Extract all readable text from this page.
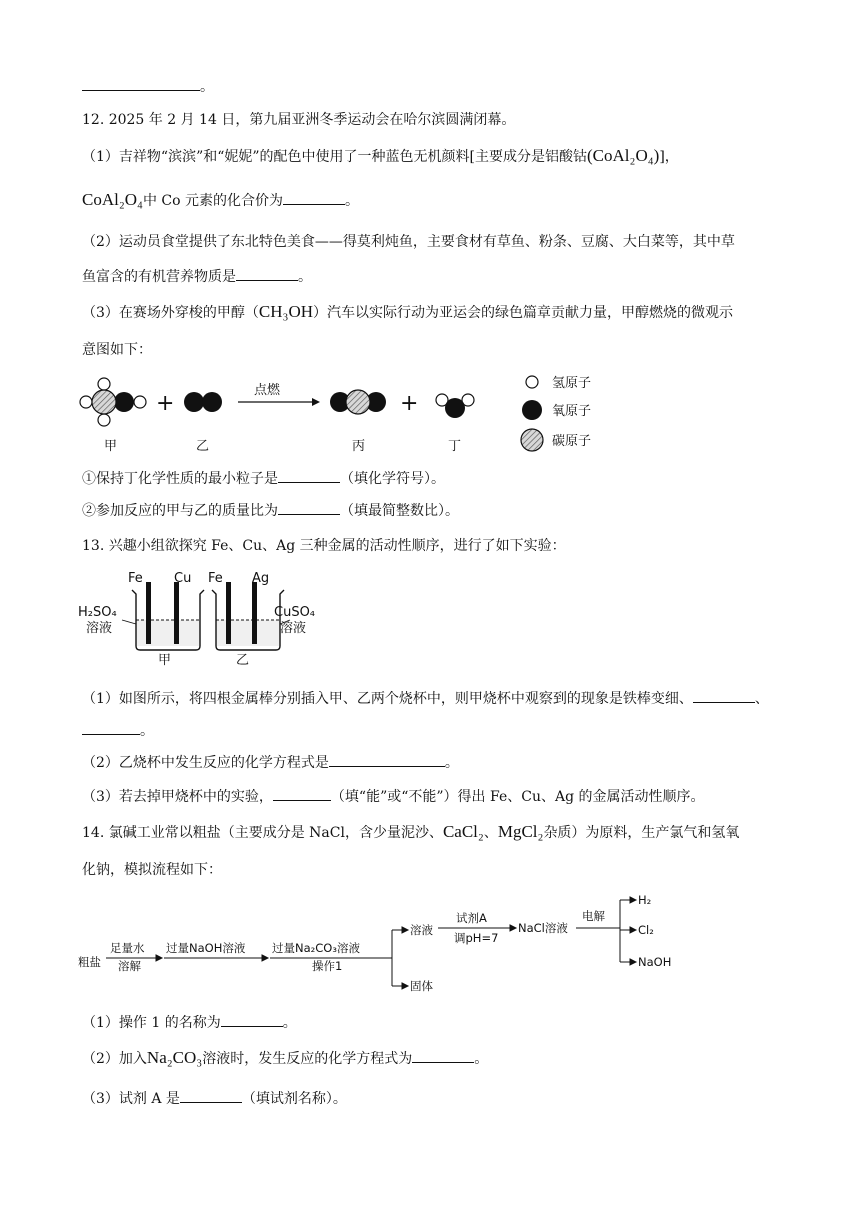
。
12. 2025 年 2 月 14 日，第九届亚洲冬季运动会在哈尔滨圆满闭幕。
（1）吉祥物“滨滨”和“妮妮”的配色中使用了一种蓝色无机颜料[主要成分是铝酸钴(CoAl₂O₄)]，
CoAl₂O₄中 Co 元素的化合价为	。
（2）运动员食堂提供了东北特色美食——得莫利炖鱼，主要食材有草鱼、粉条、豆腐、大白菜等，其中草
鱼富含的有机营养物质是	。
（3）在赛场外穿梭的甲醇（CH₃OH）汽车以实际行动为亚运会的绿色篇章贡献力量，甲醇燃烧的微观示
意图如下：
+
点燃
+
甲	乙	丙	丁
氢原子
氧原子
碳原子
①保持丁化学性质的最小粒子是	（填化学符号）。
②参加反应的甲与乙的质量比为	（填最简整数比）。
13. 兴趣小组欲探究 Fe、Cu、Ag 三种金属的活动性顺序，进行了如下实验：
Fe Cu
H₂SO₄
溶液
甲
Fe Ag
CuSO₄
溶液
乙
（1）如图所示，将四根金属棒分别插入甲、乙两个烧杯中，则甲烧杯中观察到的现象是铁棒变细、	、
。
（2）乙烧杯中发生反应的化学方程式是	。
（3）若去掉甲烧杯中的实验，	（填“能”或“不能”）得出 Fe、Cu、Ag 的金属活动性顺序。
14. 氯碱工业常以粗盐（主要成分是 NaCl，含少量泥沙、CaCl₂、MgCl₂杂质）为原料，生产氯气和氢氧
化钠，模拟流程如下：
粗盐
足量水
溶解
过量NaOH溶液 过量Na₂CO₃溶液
操作1
溶液
固体
试剂A
调pH=7
NaCl溶液
电解
H₂
Cl₂
NaOH
（1）操作 1 的名称为	。
（2）加入Na₂CO₃溶液时，发生反应的化学方程式为	。
（3）试剂 A 是	（填试剂名称）。
